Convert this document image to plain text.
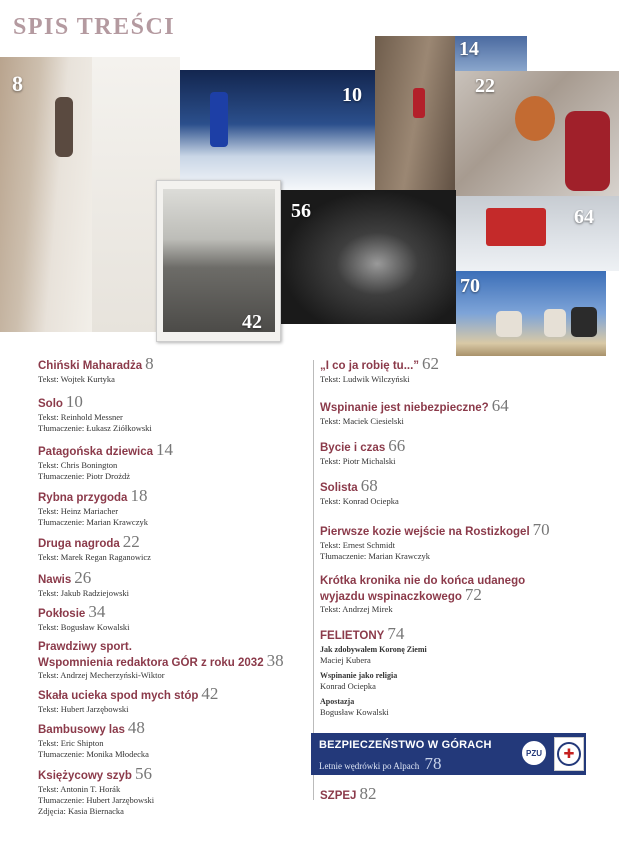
SPIS TREŚCI
8	10
14
22
42
56	64
70
Chiński Maharadża 8
Tekst: Wojtek Kurtyka
Solo 10
Tekst: Reinhold Messner
Tłumaczenie: Łukasz Ziółkowski
Patagońska dziewica 14
Tekst: Chris Bonington
Tłumaczenie: Piotr Drożdż
Rybna przygoda 18
Tekst: Heinz Mariacher
Tłumaczenie: Marian Krawczyk
Druga nagroda 22
Tekst: Marek Regan Raganowicz
Nawis 26
Tekst: Jakub Radziejowski
Pokłosie 34
Tekst: Bogusław Kowalski
Prawdziwy sport.
Wspomnienia redaktora GÓR z roku 2032 38
Tekst: Andrzej Mecherzyński-Wiktor
Skała ucieka spod mych stóp 42
Tekst: Hubert Jarzębowski
Bambusowy las 48
Tekst: Eric Shipton
Tłumaczenie: Monika Młodecka
Księżycowy szyb 56
Tekst: Antonin T. Horák
Tłumaczenie: Hubert Jarzębowski
Zdjęcia: Kasia Biernacka
„I co ja robię tu...” 62
Tekst: Ludwik Wilczyński
Wspinanie jest niebezpieczne? 64
Tekst: Maciek Ciesielski
Bycie i czas 66
Tekst: Piotr Michalski
Solista 68
Tekst: Konrad Ociepka
Pierwsze kozie wejście na Rostizkogel 70
Tekst: Ernest Schmidt
Tłumaczenie: Marian Krawczyk
Krótka kronika nie do końca udanego
wyjazdu wspinaczkowego 72
Tekst: Andrzej Mirek
FELIETONY 74
Jak zdobywałem Koronę Ziemi
Maciej Kubera
Wspinanie jako religia
Konrad Ociepka
Apostazja
Bogusław Kowalski
BEZPIECZEŃSTWO W GÓRACH
Letnie wędrówki po Alpach 78
PZU ✚
SZPEJ 82
